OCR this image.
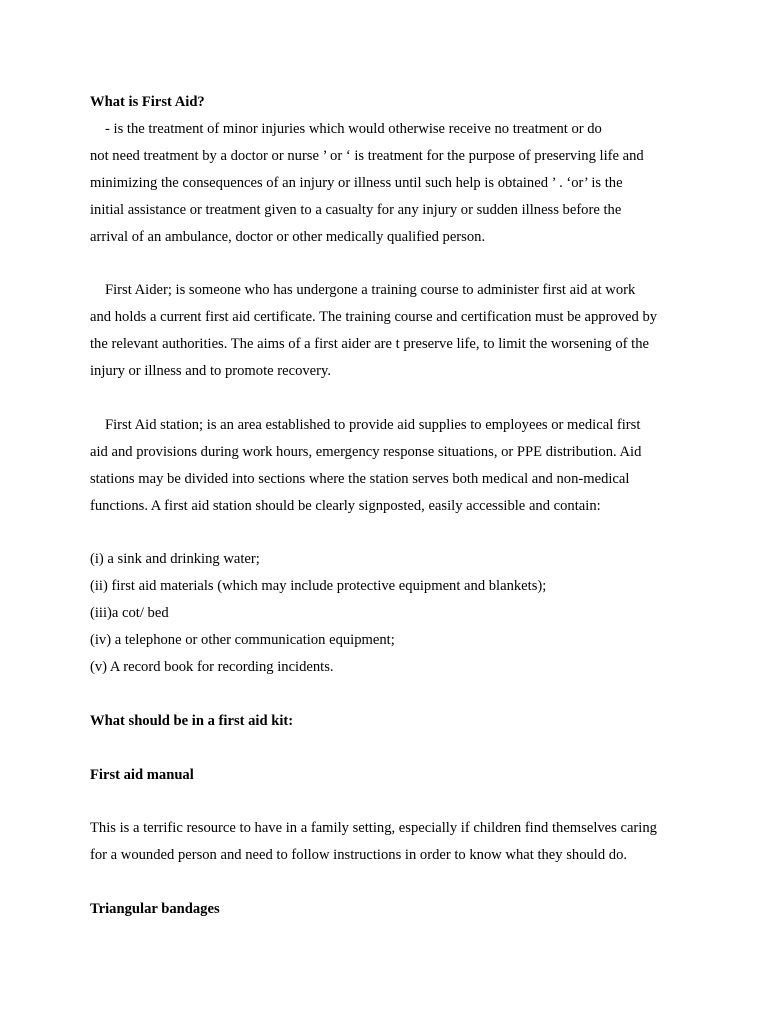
What is First Aid?

- is the treatment of minor injuries which would otherwise receive no treatment or do

not need treatment by a doctor or nurse ’ or ‘ is treatment for the purpose of preserving life and

minimizing the consequences of an injury or illness until such help is obtained ’ . ‘or’ is the

initial assistance or treatment given to a casualty for any injury or sudden illness before the

arrival of an ambulance, doctor or other medically qualified person.

First Aider; is someone who has undergone a training course to administer first aid at work

and holds a current first aid certificate. The training course and certification must be approved by

the relevant authorities. The aims of a first aider are t preserve life, to limit the worsening of the

injury or illness and to promote recovery.

First Aid station; is an area established to provide aid supplies to employees or medical first

aid and provisions during work hours, emergency response situations, or PPE distribution. Aid

stations may be divided into sections where the station serves both medical and non-medical

functions. A first aid station should be clearly signposted, easily accessible and contain:

(i) a sink and drinking water;

(ii) first aid materials (which may include protective equipment and blankets);

(iii)a cot/ bed

(iv) a telephone or other communication equipment;

(v) A record book for recording incidents.

What should be in a first aid kit:

First aid manual

This is a terrific resource to have in a family setting, especially if children find themselves caring

for a wounded person and need to follow instructions in order to know what they should do.

Triangular bandages
